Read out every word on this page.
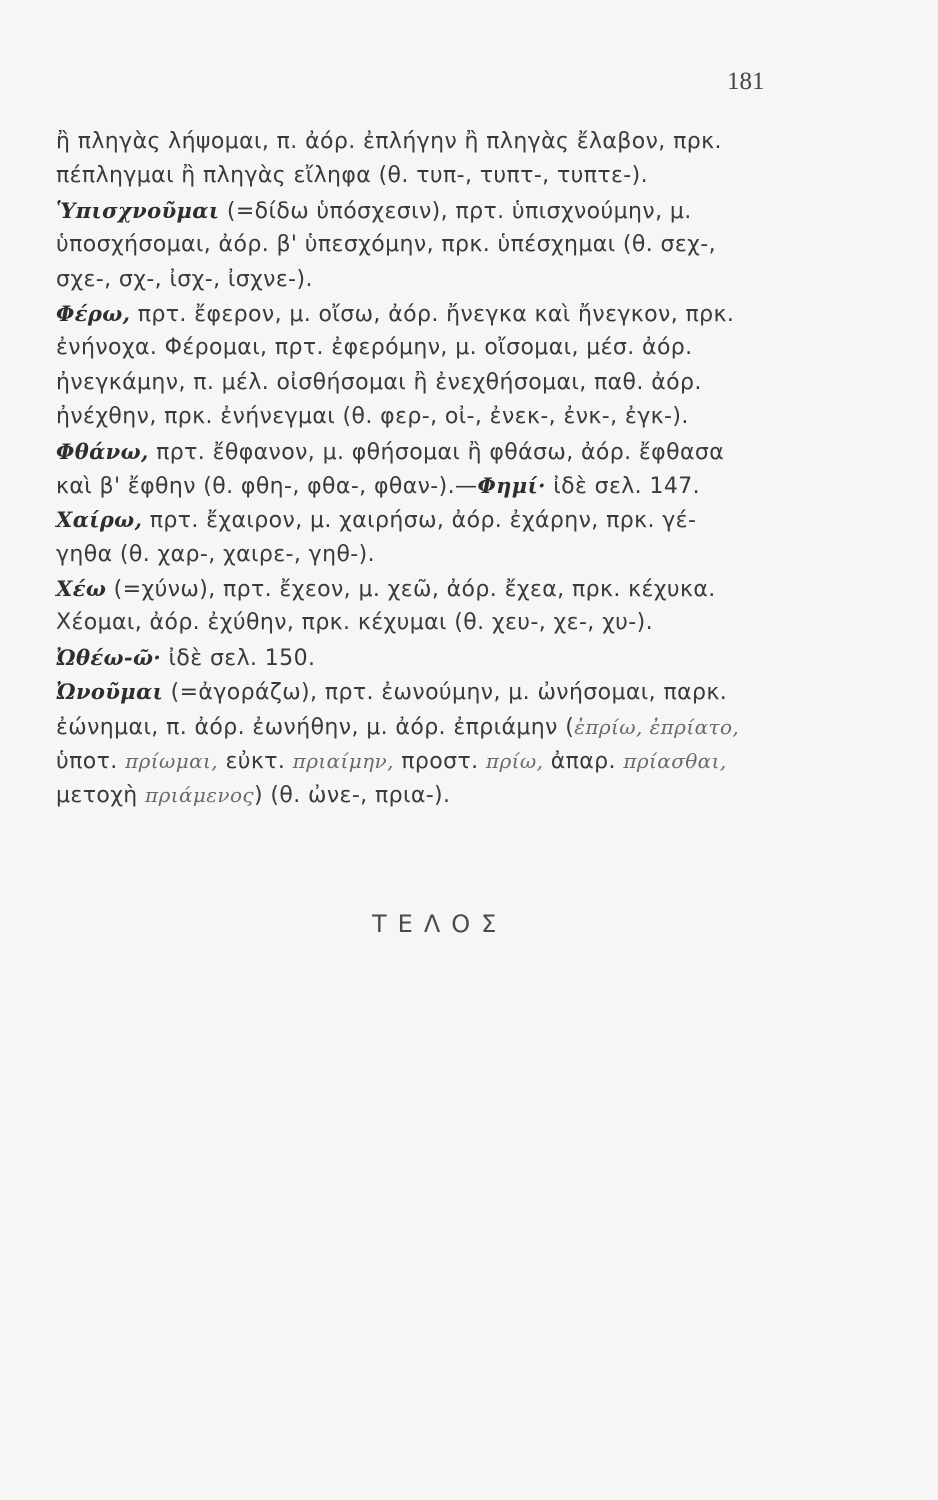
181
ἢ πληγὰς λήψομαι, π. ἀόρ. ἐπλήγην ἢ πληγὰς ἔλαβον, πρκ.
πέπληγμαι ἢ πληγὰς εἴληφα (θ. τυπ-, τυπτ-, τυπτε-).
Ὑπισχνοῦμαι (=δίδω ὑπόσχεσιν), πρτ. ὑπισχνούμην, μ.
ὑποσχήσομαι, ἀόρ. β' ὑπεσχόμην, πρκ. ὑπέσχημαι (θ. σεχ-,
σχε-, σχ-, ἰσχ-, ἰσχνε-).
Φέρω, πρτ. ἔφερον, μ. οἴσω, ἀόρ. ἤνεγκα καὶ ἤνεγκον, πρκ.
ἐνήνοχα. Φέρομαι, πρτ. ἐφερόμην, μ. οἴσομαι, μέσ. ἀόρ.
ἠνεγκάμην, π. μέλ. οἰσθήσομαι ἢ ἐνεχθήσομαι, παθ. ἀόρ.
ἠνέχθην, πρκ. ἐνήνεγμαι (θ. φερ-, οἰ-, ἐνεκ-, ἐνκ-, ἐγκ-).
Φθάνω, πρτ. ἔθφανον, μ. φθήσομαι ἢ φθάσω, ἀόρ. ἔφθασα
καὶ β' ἔφθην (θ. φθη-, φθα-, φθαν-).—Φημί· ἰδὲ σελ. 147.
Χαίρω, πρτ. ἔχαιρον, μ. χαιρήσω, ἀόρ. ἐχάρην, πρκ. γέ-
γηθα (θ. χαρ-, χαιρε-, γηθ-).
Χέω (=χύνω), πρτ. ἔχεον, μ. χεῶ, ἀόρ. ἔχεα, πρκ. κέχυκα.
Χέομαι, ἀόρ. ἐχύθην, πρκ. κέχυμαι (θ. χευ-, χε-, χυ-).
Ὠθέω-ῶ· ἰδὲ σελ. 150.
Ὠνοῦμαι (=ἀγοράζω), πρτ. ἐωνούμην, μ. ὠνήσομαι, παρκ.
ἐώνημαι, π. ἀόρ. ἐωνήθην, μ. ἀόρ. ἐπριάμην (ἐπρίω, ἐπρίατο,
ὑποτ. πρίωμαι, εὐκτ. πριαίμην, προστ. πρίω, ἀπαρ. πρίασθαι,
μετοχὴ πριάμενος) (θ. ὠνε-, πρια-).
ΤΕΛΟΣ
